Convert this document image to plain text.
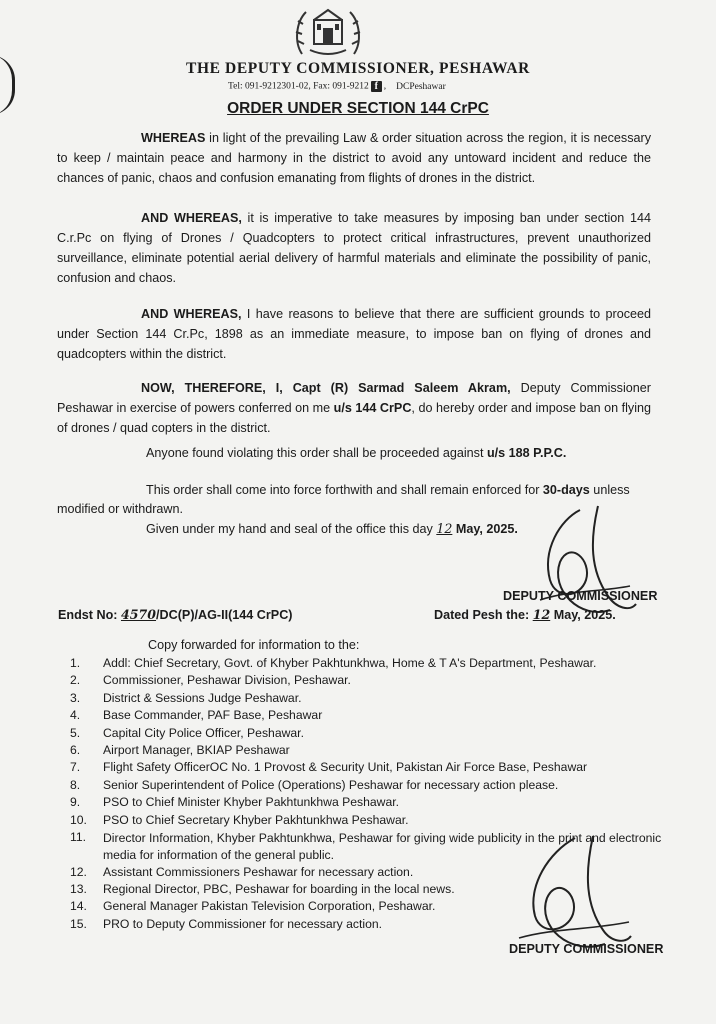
THE DEPUTY COMMISSIONER, PESHAWAR
Tel: 091-9212301-02, Fax: 091-9212 f , DCPeshawar
ORDER UNDER SECTION 144 CrPC

WHEREAS in light of the prevailing Law & order situation across the region, it is necessary to keep / maintain peace and harmony in the district to avoid any untoward incident and reduce the chances of panic, chaos and confusion emanating from flights of drones in the district.

AND WHEREAS, it is imperative to take measures by imposing ban under section 144 C.r.Pc on flying of Drones / Quadcopters to protect critical infrastructures, prevent unauthorized surveillance, eliminate potential aerial delivery of harmful materials and eliminate the possibility of panic, confusion and chaos.

AND WHEREAS, I have reasons to believe that there are sufficient grounds to proceed under Section 144 Cr.Pc, 1898 as an immediate measure, to impose ban on flying of drones and quadcopters within the district.

NOW, THEREFORE, I, Capt (R) Sarmad Saleem Akram, Deputy Commissioner Peshawar in exercise of powers conferred on me u/s 144 CrPC, do hereby order and impose ban on flying of drones / quad copters in the district.

Anyone found violating this order shall be proceeded against u/s 188 P.P.C.
This order shall come into force forthwith and shall remain enforced for 30-days unless
modified or withdrawn.
Given under my hand and seal of the office this day 12 May, 2025.
DEPUTY COMMISSIONER
Endst No: 4570/DC(P)/AG-II(144 CrPC)	Dated Pesh the: 12 May, 2025.
Copy forwarded for information to the:
1. Addl: Chief Secretary, Govt. of Khyber Pakhtunkhwa, Home & T A's Department, Peshawar.
2. Commissioner, Peshawar Division, Peshawar.
3. District & Sessions Judge Peshawar.
4. Base Commander, PAF Base, Peshawar
5. Capital City Police Officer, Peshawar.
6. Airport Manager, BKIAP Peshawar
7. Flight Safety OfficerOC No. 1 Provost & Security Unit, Pakistan Air Force Base, Peshawar
8. Senior Superintendent of Police (Operations) Peshawar for necessary action please.
9. PSO to Chief Minister Khyber Pakhtunkhwa Peshawar.
10. PSO to Chief Secretary Khyber Pakhtunkhwa Peshawar.
11. Director Information, Khyber Pakhtunkhwa, Peshawar for giving wide publicity in the print and electronic media for information of the general public.
12. Assistant Commissioners Peshawar for necessary action.
13. Regional Director, PBC, Peshawar for boarding in the local news.
14. General Manager Pakistan Television Corporation, Peshawar.
15. PRO to Deputy Commissioner for necessary action.
DEPUTY COMMISSIONER
